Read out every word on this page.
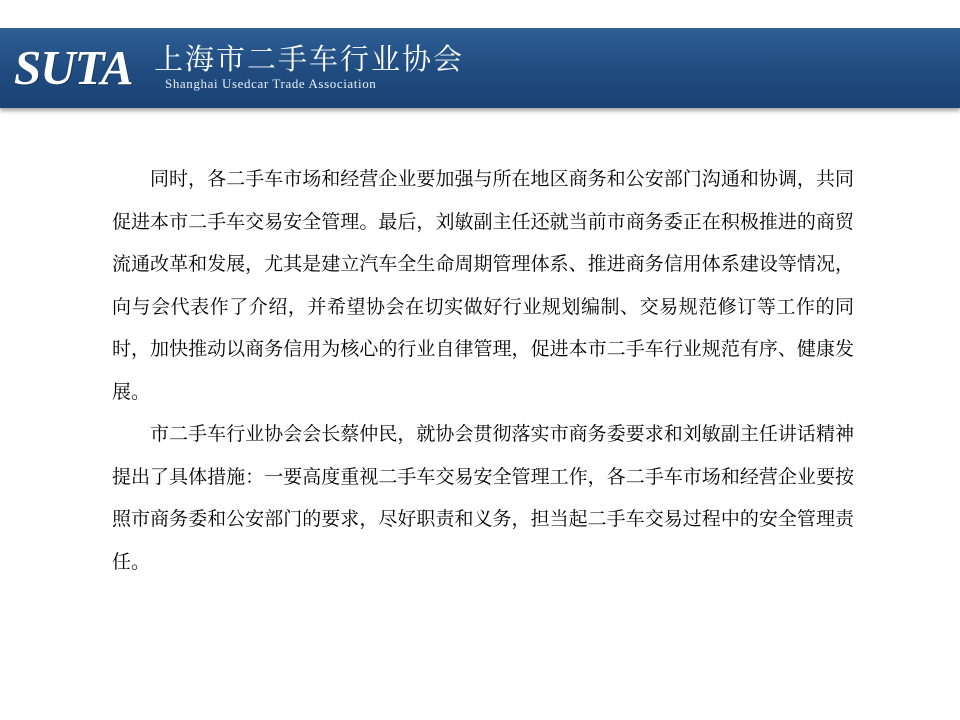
SUTA 上海市二手车行业协会
Shanghai Usedcar Trade Association

同时，各二手车市场和经营企业要加强与所在地区商务和公安部门沟通和协调，共同促进本市二手车交易安全管理。最后，刘敏副主任还就当前市商务委正在积极推进的商贸流通改革和发展，尤其是建立汽车全生命周期管理体系、推进商务信用体系建设等情况，向与会代表作了介绍，并希望协会在切实做好行业规划编制、交易规范修订等工作的同时，加快推动以商务信用为核心的行业自律管理，促进本市二手车行业规范有序、健康发展。

市二手车行业协会会长蔡仲民，就协会贯彻落实市商务委要求和刘敏副主任讲话精神提出了具体措施：一要高度重视二手车交易安全管理工作，各二手车市场和经营企业要按照市商务委和公安部门的要求，尽好职责和义务，担当起二手车交易过程中的安全管理责任。
